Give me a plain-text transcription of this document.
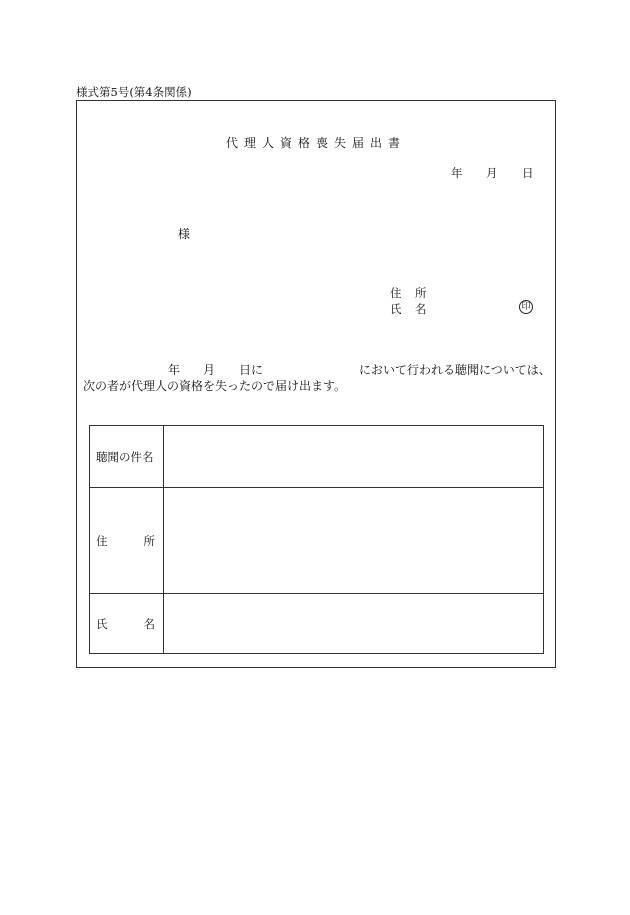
様式第5号(第4条関係)
代理人資格喪失届出書
年 月 日
様
住 所
氏 名	印
年 月 日に	において行われる聴聞については、
次の者が代理人の資格を失ったので届け出ます。
聴聞の件名
住	所
氏	名
